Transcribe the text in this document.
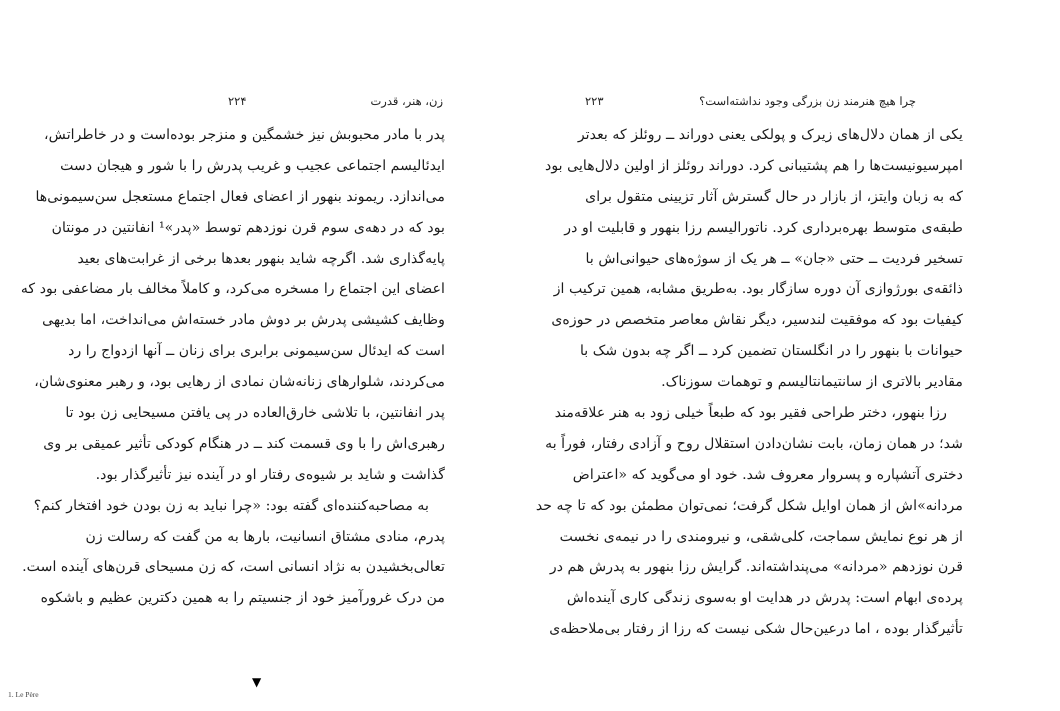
زن، هنر، قدرت
۲۲۴
پدر با مادر محبوبش نیز خشمگین و منزجر بوده‌است و در خاطراتش،
ایدئالیسم اجتماعی عجیب و غریب پدرش را با شور و هیجان دست
می‌اندازد. ریموند بنهور از اعضای فعال اجتماع مستعجل سن‌سیمونی‌ها
بود که در دهه‌ی سوم قرن نوزدهم توسط «پدر»¹ انفانتین در مونتان
پایه‌گذاری شد. اگرچه شاید بنهور بعدها برخی از غرابت‌های بعید
اعضای این اجتماع را مسخره می‌کرد، و کاملاً مخالف بار مضاعفی بود که
وظایف کشیشی پدرش بر دوش مادر خسته‌اش می‌انداخت، اما بدیهی
است که ایدئال سن‌سیمونی برابری برای زنان ــ آنها ازدواج را رد
می‌کردند، شلوارهای زنانه‌شان نمادی از رهایی بود، و رهبر معنوی‌شان،
پدر انفانتین، با تلاشی خارق‌العاده در پی یافتن مسیحایی زن بود تا
رهبری‌اش را با وی قسمت کند ــ در هنگام کودکی تأثیر عمیقی بر وی
گذاشت و شاید بر شیوه‌ی رفتار او در آینده نیز تأثیرگذار بود.
به مصاحبه‌کننده‌ای گفته بود: «چرا نباید به زن بودن خود افتخار کنم؟
پدرم، منادی مشتاق انسانیت، بارها به من گفت که رسالت زن
تعالی‌بخشیدن به نژاد انسانی است، که زن مسیحای قرن‌های آینده است.
من درک غرورآمیز خود از جنسیتم را به همین دکترین عظیم و باشکوه
▼
1. Le Père
چرا هیچ هنرمند زن بزرگی وجود نداشته‌است؟
۲۲۳
یکی از همان دلال‌های زیرک و پولکی یعنی دوراند ــ روئلز که بعدتر
امپرسیونیست‌ها را هم پشتیبانی کرد. دوراند روئلز از اولین دلال‌هایی بود
که به زبان وایتز، از بازار در حال گسترش آثار تزیینی متقول برای
طبقه‌ی متوسط بهره‌برداری کرد. ناتورالیسم رزا بنهور و قابلیت او در
تسخیر فردیت ــ حتی «جان» ــ هر یک از سوژه‌های حیوانی‌اش با
ذائقه‌ی بورژوازی آن دوره سازگار بود. به‌طریق مشابه، همین ترکیب از
کیفیات بود که موفقیت لندسیر، دیگر نقاش معاصر متخصص در حوزه‌ی
حیوانات با بنهور را در انگلستان تضمین کرد ــ اگر چه بدون شک با
مقادیر بالاتری از سانتیمانتالیسم و توهمات سوزناک.
رزا بنهور، دختر طراحی فقیر بود که طبعاً خیلی زود به هنر علاقه‌مند
شد؛ در همان زمان، بابت نشان‌دادن استقلال روح و آزادی رفتار، فوراً به
دختری آتشپاره و پسروار معروف شد. خود او می‌گوید که «اعتراض
مردانه»اش از همان اوایل شکل گرفت؛ نمی‌توان مطمئن بود که تا چه حد
از هر نوع نمایش سماجت، کلی‌شقی، و نیرومندی را در نیمه‌ی نخست
قرن نوزدهم «مردانه» می‌پنداشته‌اند. گرایش رزا بنهور به پدرش هم در
پرده‌ی ابهام است: پدرش در هدایت او به‌سوی زندگی کاری آینده‌اش
تأثیرگذار بوده ، اما درعین‌حال شکی نیست که رزا از رفتار بی‌ملاحظه‌ی
